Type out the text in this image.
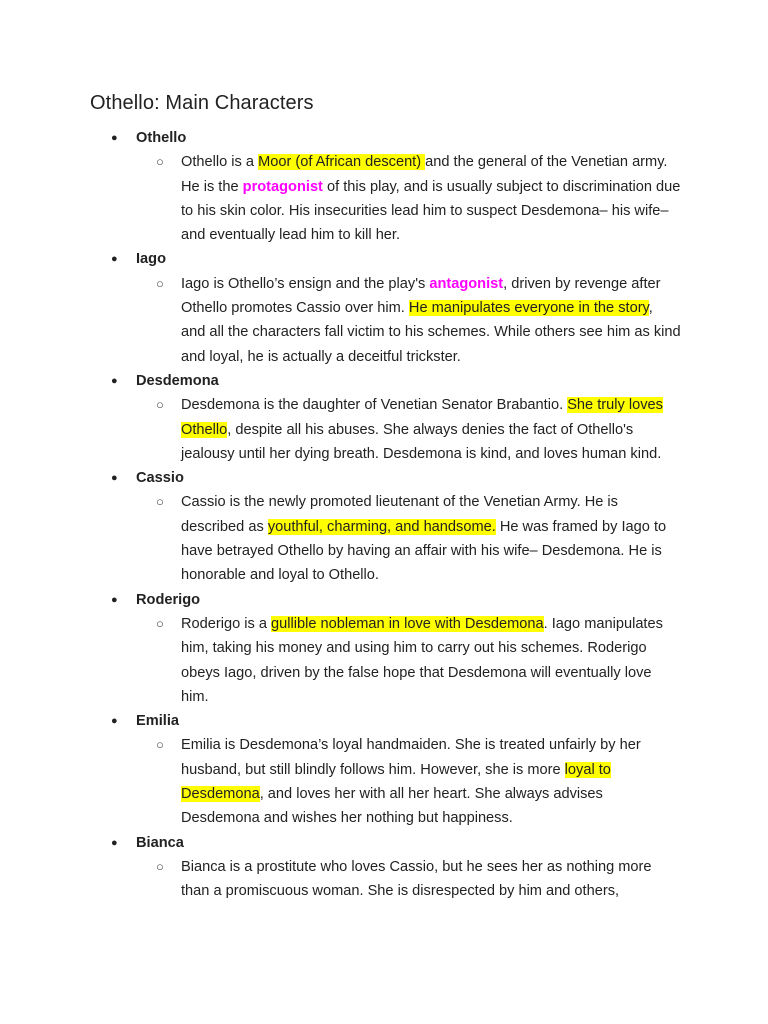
Othello: Main Characters
● Othello
○ Othello is a Moor (of African descent) and the general of the Venetian army. He is the protagonist of this play, and is usually subject to discrimination due to his skin color. His insecurities lead him to suspect Desdemona– his wife– and eventually lead him to kill her.
● Iago
○ Iago is Othello’s ensign and the play's antagonist, driven by revenge after Othello promotes Cassio over him. He manipulates everyone in the story, and all the characters fall victim to his schemes. While others see him as kind and loyal, he is actually a deceitful trickster.
● Desdemona
○ Desdemona is the daughter of Venetian Senator Brabantio. She truly loves Othello, despite all his abuses. She always denies the fact of Othello's jealousy until her dying breath. Desdemona is kind, and loves human kind.
● Cassio
○ Cassio is the newly promoted lieutenant of the Venetian Army. He is described as youthful, charming, and handsome. He was framed by Iago to have betrayed Othello by having an affair with his wife– Desdemona. He is honorable and loyal to Othello.
● Roderigo
○ Roderigo is a gullible nobleman in love with Desdemona. Iago manipulates him, taking his money and using him to carry out his schemes. Roderigo obeys Iago, driven by the false hope that Desdemona will eventually love him.
● Emilia
○ Emilia is Desdemona’s loyal handmaiden. She is treated unfairly by her husband, but still blindly follows him. However, she is more loyal to Desdemona, and loves her with all her heart. She always advises Desdemona and wishes her nothing but happiness.
● Bianca
○ Bianca is a prostitute who loves Cassio, but he sees her as nothing more than a promiscuous woman. She is disrespected by him and others,
